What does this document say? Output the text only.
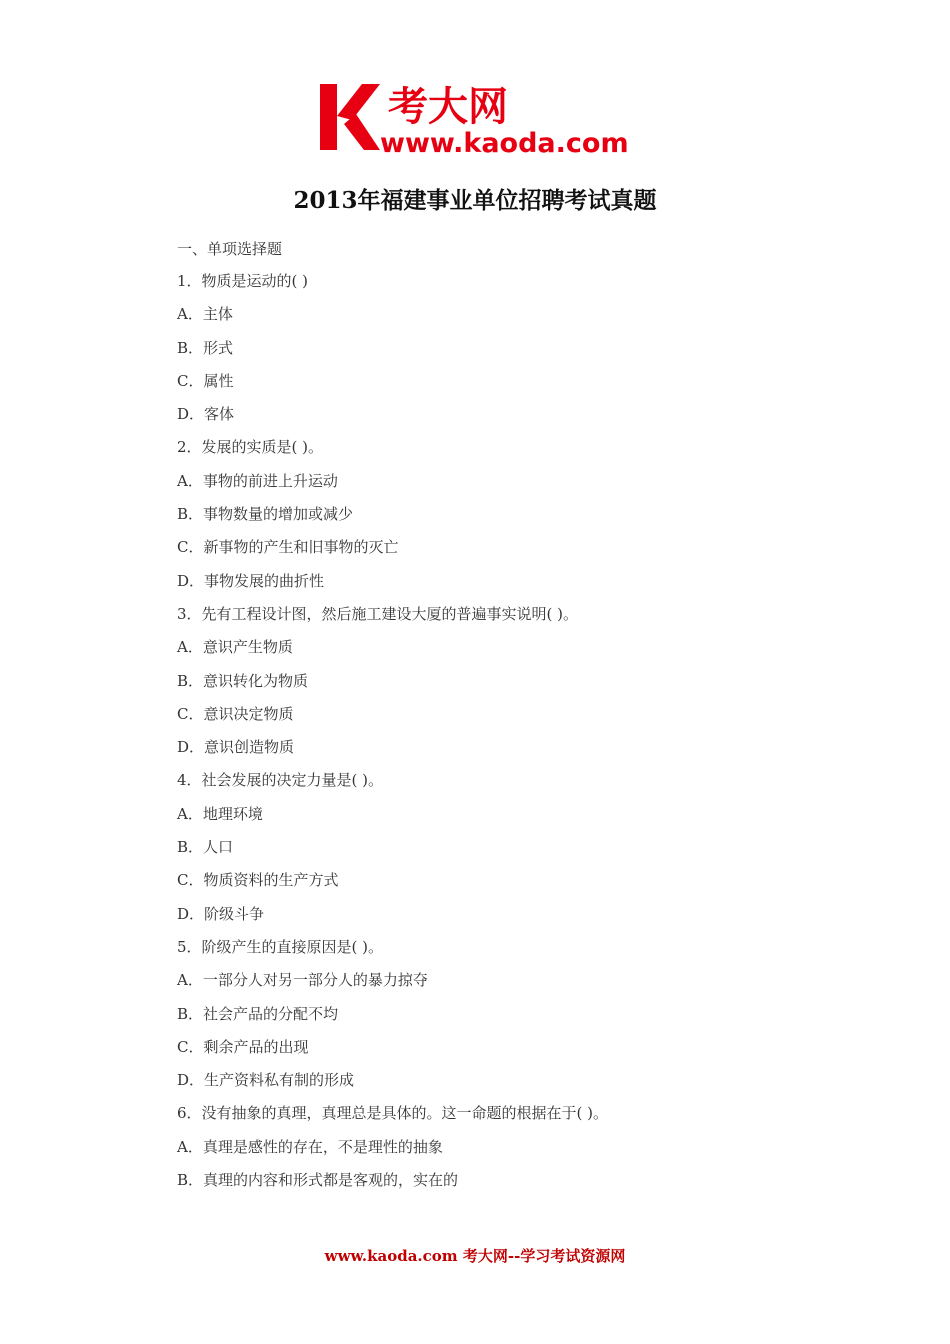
考大网
www.kaoda.com
2013年福建事业单位招聘考试真题
一、单项选择题
1．物质是运动的( )
A．主体
B．形式
C．属性
D．客体
2．发展的实质是( )。
A．事物的前进上升运动
B．事物数量的增加或减少
C．新事物的产生和旧事物的灭亡
D．事物发展的曲折性
3．先有工程设计图，然后施工建设大厦的普遍事实说明( )。
A．意识产生物质
B．意识转化为物质
C．意识决定物质
D．意识创造物质
4．社会发展的决定力量是( )。
A．地理环境
B．人口
C．物质资料的生产方式
D．阶级斗争
5．阶级产生的直接原因是( )。
A．一部分人对另一部分人的暴力掠夺
B．社会产品的分配不均
C．剩余产品的出现
D．生产资料私有制的形成
6．没有抽象的真理，真理总是具体的。这一命题的根据在于( )。
A．真理是感性的存在，不是理性的抽象
B．真理的内容和形式都是客观的，实在的
www.kaoda.com 考大网--学习考试资源网
